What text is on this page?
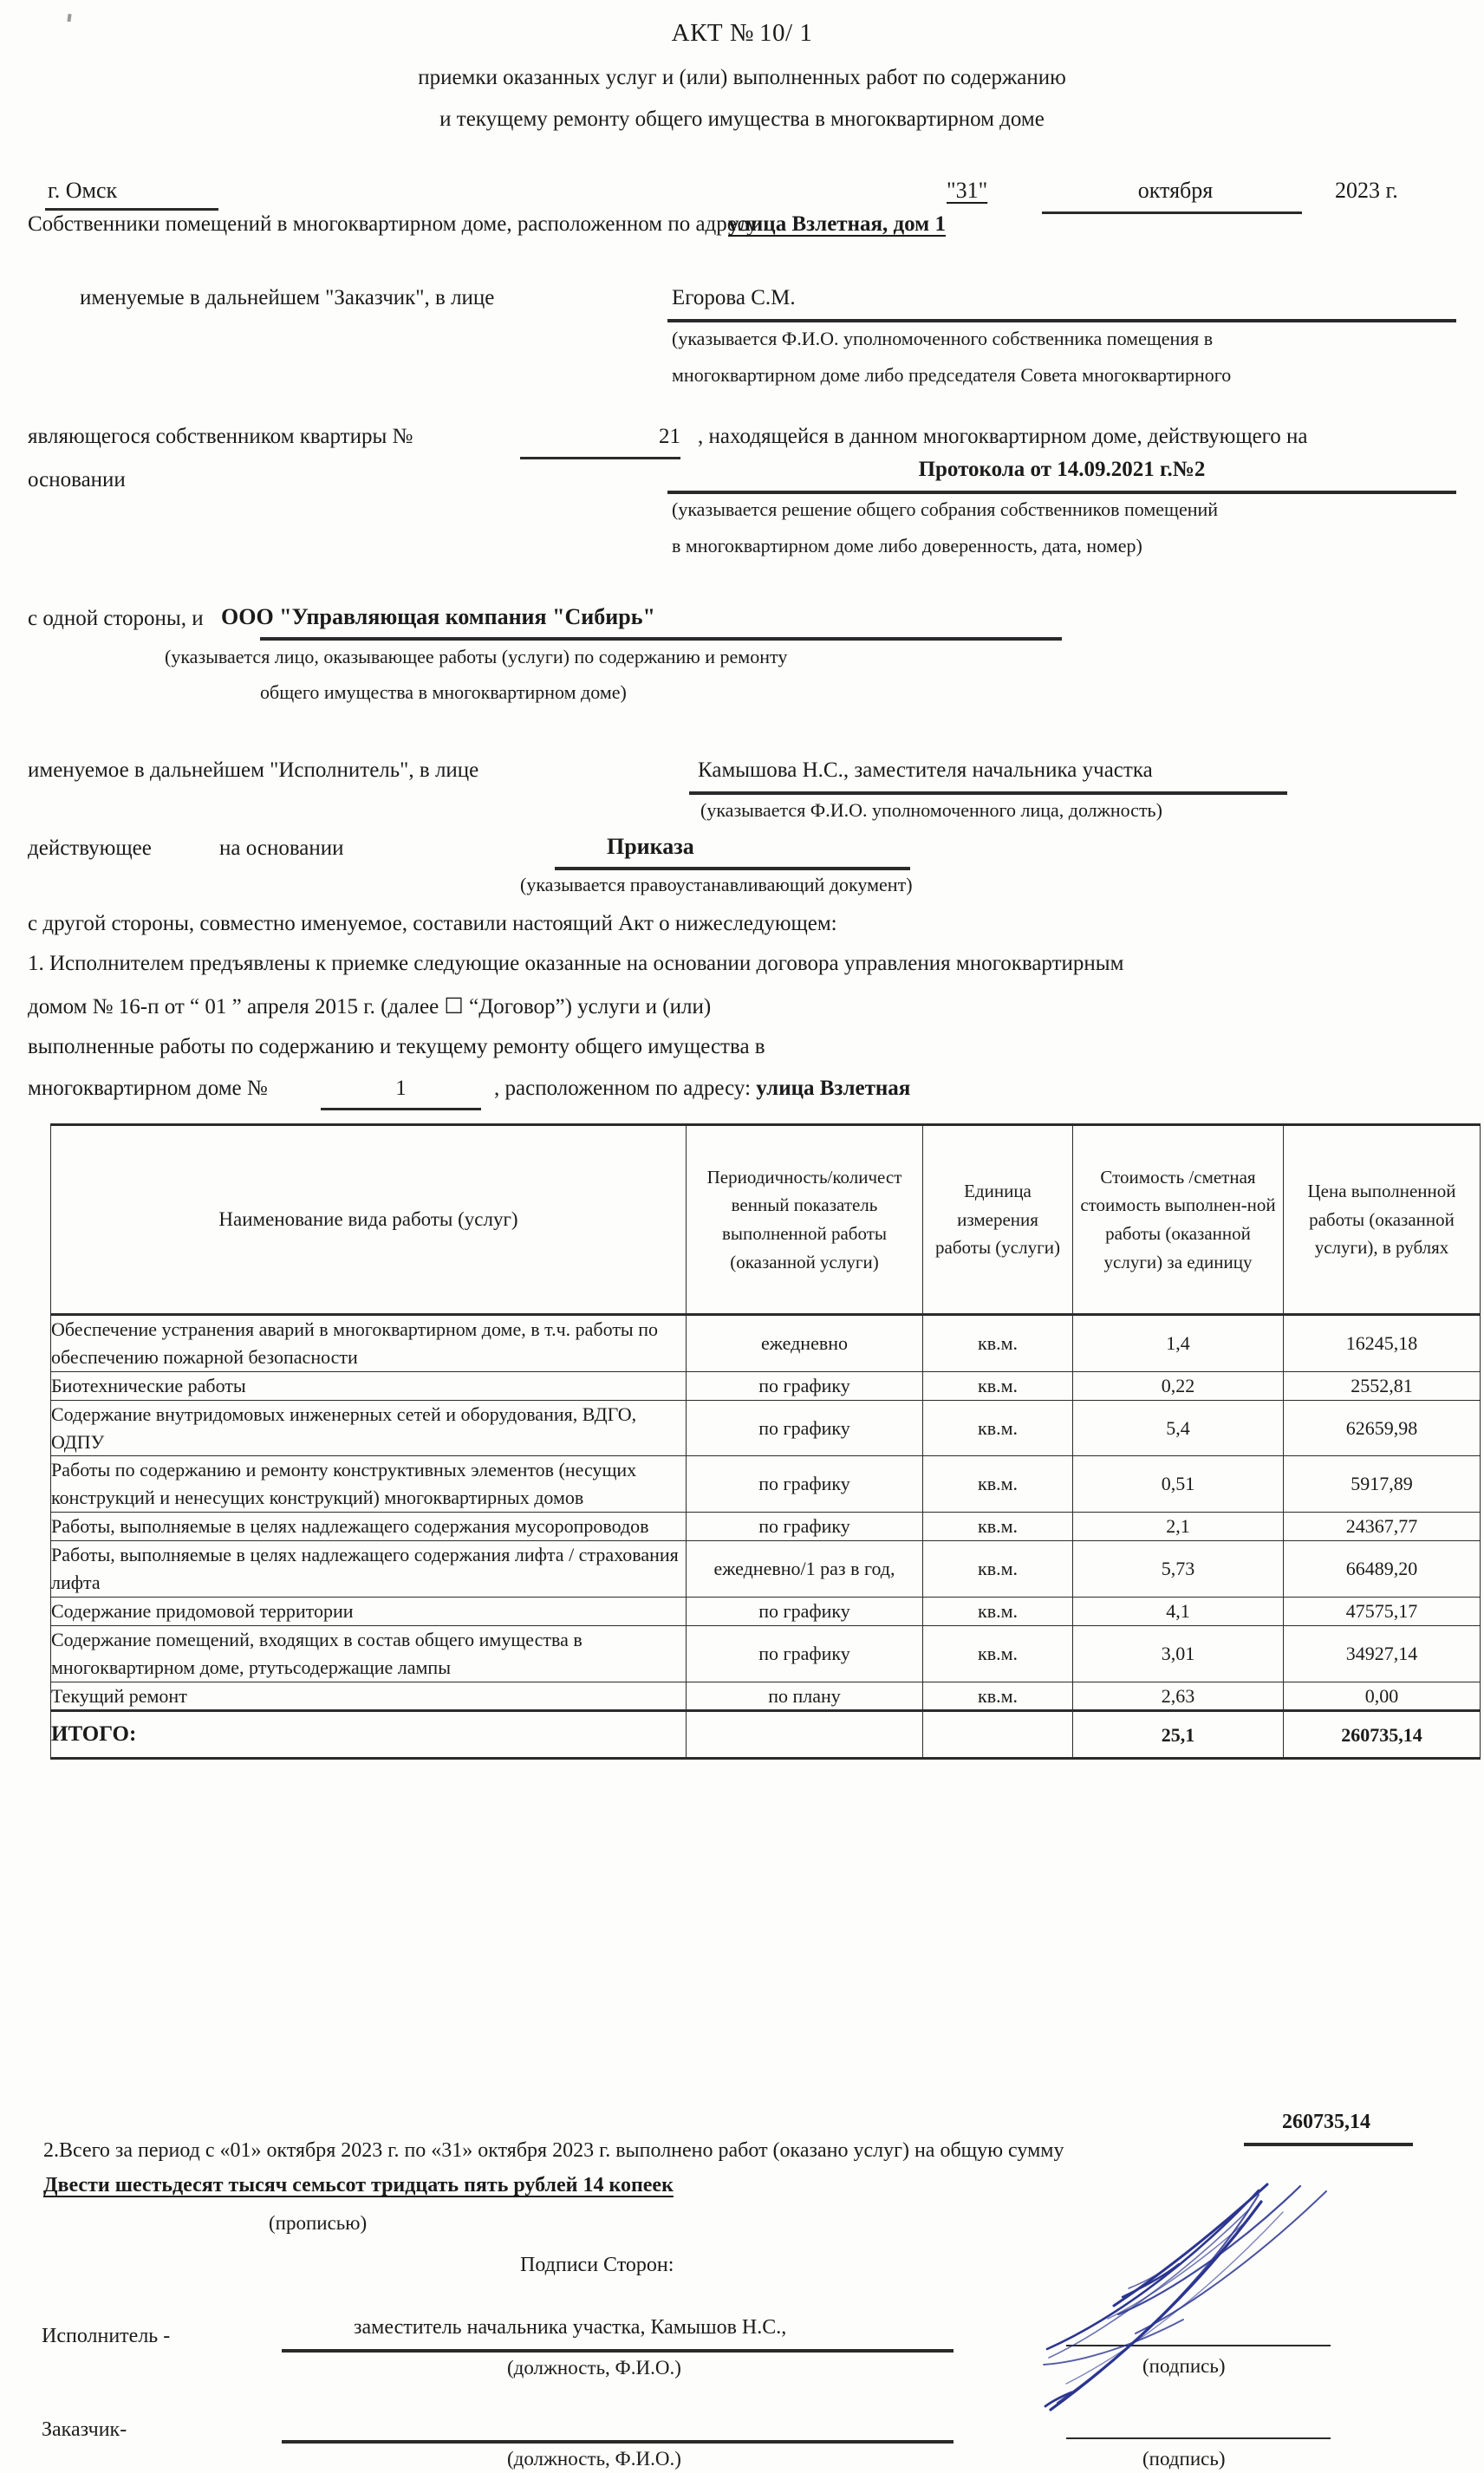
АКТ № 10/ 1
приемки оказанных услуг и (или) выполненных работ по содержанию
и текущему ремонту общего имущества в многоквартирном доме
г. Омск	"31"	октября	2023 г.
Собственники помещений в многоквартирном доме, расположенном по адресу:
улица Взлетная, дом 1
именуемые в дальнейшем "Заказчик", в лице	Егорова С.М.
(указывается Ф.И.О. уполномоченного собственника помещения в
многоквартирном доме либо председателя Совета многоквартирного
являющегося собственником квартиры №	21 , находящейся в данном многоквартирном доме, действующего на
основании	Протокола от 14.09.2021 г.№2
(указывается решение общего собрания собственников помещений
в многоквартирном доме либо доверенность, дата, номер)
с одной стороны, и ООО "Управляющая компания "Сибирь"
(указывается лицо, оказывающее работы (услуги) по содержанию и ремонту
общего имущества в многоквартирном доме)
именуемое в дальнейшем "Исполнитель", в лице	Камышова Н.С., заместителя начальника участка
(указывается Ф.И.О. уполномоченного лица, должность)
действующее	на основании	Приказа
(указывается правоустанавливающий документ)
с другой стороны, совместно именуемое, составили настоящий Акт о нижеследующем:
1. Исполнителем предъявлены к приемке следующие оказанные на основании договора управления многоквартирным
домом № 16-п от “ 01 ” апреля 2015 г. (далее ☐ “Договор”) услуги и (или)
выполненные работы по содержанию и текущему ремонту общего имущества в
многоквартирном доме №	1	, расположенном по адресу: улица Взлетная
Наименование вида работы (услуг)	Периодичность/количест венный показатель выполненной работы (оказанной услуги)	Единица измерения работы (услуги)	Стоимость /сметная стоимость выполнен-ной работы (оказанной услуги) за единицу	Цена выполненной работы (оказанной услуги), в рублях
Обеспечение устранения аварий в многоквартирном доме, в т.ч. работы по обеспечению пожарной безопасности	ежедневно	кв.м.	1,4	16245,18
Биотехнические работы	по графику	кв.м.	0,22	2552,81
Содержание внутридомовых инженерных сетей и оборудования, ВДГО, ОДПУ	по графику	кв.м.	5,4	62659,98
Работы по содержанию и ремонту конструктивных элементов (несущих конструкций и ненесущих конструкций) многоквартирных домов	по графику	кв.м.	0,51	5917,89
Работы, выполняемые в целях надлежащего содержания мусоропроводов	по графику	кв.м.	2,1	24367,77
Работы, выполняемые в целях надлежащего содержания лифта / страхования лифта	ежедневно/1 раз в год,	кв.м.	5,73	66489,20
Содержание придомовой территории	по графику	кв.м.	4,1	47575,17
Содержание помещений, входящих в состав общего имущества в многоквартирном доме, ртутьсодержащие лампы	по графику	кв.м.	3,01	34927,14
Текущий ремонт	по плану	кв.м.	2,63	0,00
ИТОГО:			25,1	260735,14
2.Всего за период с «01» октября 2023 г. по «31» октября 2023 г. выполнено работ (оказано услуг) на общую сумму
260735,14
Двести шестьдесят тысяч семьсот тридцать пять рублей 14 копеек
(прописью)
Подписи Сторон:
Исполнитель -	заместитель начальника участка, Камышов Н.С.,
(должность, Ф.И.О.)	(подпись)
Заказчик-
(должность, Ф.И.О.)	(подпись)
